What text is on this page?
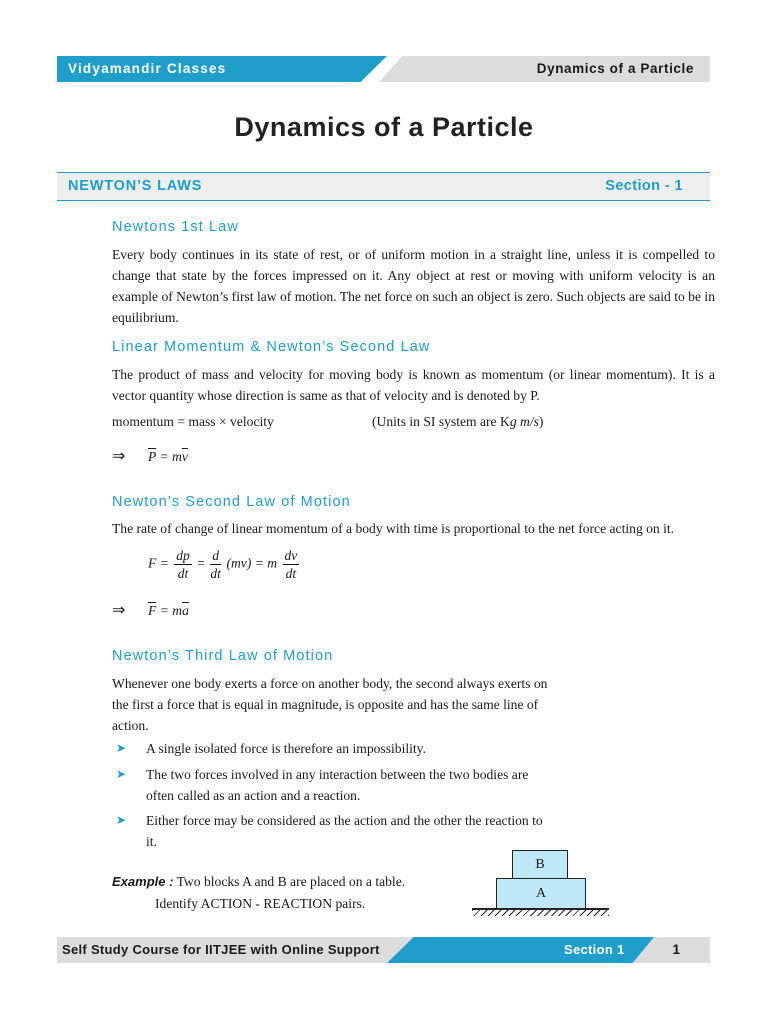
Vidyamandir Classes	Dynamics of a Particle
Dynamics of a Particle
NEWTON’S LAWS	Section - 1
Newtons 1st Law

Every body continues in its state of rest, or of uniform motion in a straight line, unless it is compelled to change that state by the forces impressed on it. Any object at rest or moving with uniform velocity is an example of Newton’s first law of motion. The net force on such an object is zero. Such objects are said to be in equilibrium.

Linear Momentum & Newton’s Second Law

The product of mass and velocity for moving body is known as momentum (or linear momentum). It is a vector quantity whose direction is same as that of velocity and is denoted by P.

momentum = mass × velocity	(Units in SI system are Kg m/s)
⇒ $\overline{P} = m\overline{v}$
Newton’s Second Law of Motion

The rate of change of linear momentum of a body with time is proportional to the net force acting on it.

$F = \frac{dp}{dt} = \frac{d}{dt} (mv) = m \frac{dv}{dt}$
⇒ $\overline{F} = m\overline{a}$
Newton’s Third Law of Motion

Whenever one body exerts a force on another body, the second always exerts on the first a force that is equal in magnitude, is opposite and has the same line of action.

➤ A single isolated force is therefore an impossibility.

➤ The two forces involved in any interaction between the two bodies are often called as an action and a reaction.

➤ Either force may be considered as the action and the other the reaction to it.

Example : Two blocks A and B are placed on a table.
Identify ACTION - REACTION pairs.
B
A
Self Study Course for IITJEE with Online Support	Section 1	1
